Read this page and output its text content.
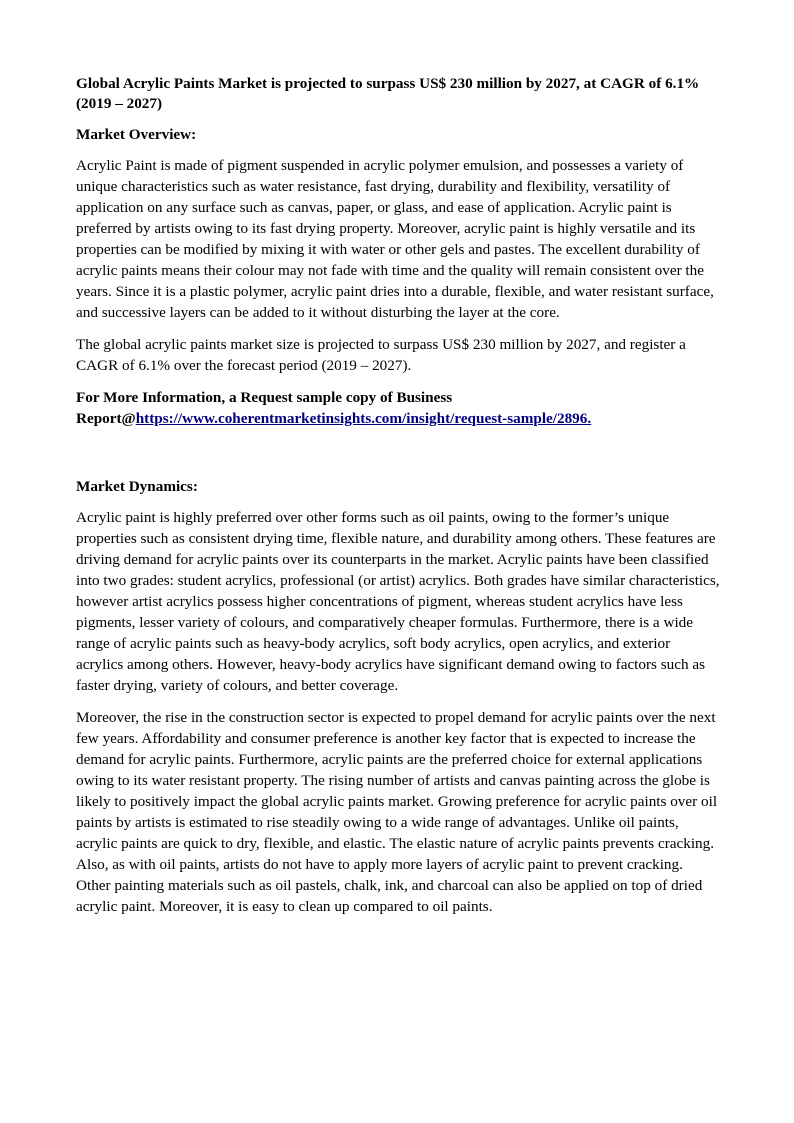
Global Acrylic Paints Market is projected to surpass US$ 230 million by 2027, at CAGR of 6.1% (2019 – 2027)
Market Overview:

Acrylic Paint is made of pigment suspended in acrylic polymer emulsion, and possesses a variety of unique characteristics such as water resistance, fast drying, durability and flexibility, versatility of application on any surface such as canvas, paper, or glass, and ease of application. Acrylic paint is preferred by artists owing to its fast drying property. Moreover, acrylic paint is highly versatile and its properties can be modified by mixing it with water or other gels and pastes. The excellent durability of acrylic paints means their colour may not fade with time and the quality will remain consistent over the years. Since it is a plastic polymer, acrylic paint dries into a durable, flexible, and water resistant surface, and successive layers can be added to it without disturbing the layer at the core.

The global acrylic paints market size is projected to surpass US$ 230 million by 2027, and register a CAGR of 6.1% over the forecast period (2019 – 2027).

For More Information, a Request sample copy of Business Report@https://www.coherentmarketinsights.com/insight/request-sample/2896.

Market Dynamics:

Acrylic paint is highly preferred over other forms such as oil paints, owing to the former’s unique properties such as consistent drying time, flexible nature, and durability among others. These features are driving demand for acrylic paints over its counterparts in the market. Acrylic paints have been classified into two grades: student acrylics, professional (or artist) acrylics. Both grades have similar characteristics, however artist acrylics possess higher concentrations of pigment, whereas student acrylics have less pigments, lesser variety of colours, and comparatively cheaper formulas. Furthermore, there is a wide range of acrylic paints such as heavy-body acrylics, soft body acrylics, open acrylics, and exterior acrylics among others. However, heavy-body acrylics have significant demand owing to factors such as faster drying, variety of colours, and better coverage.

Moreover, the rise in the construction sector is expected to propel demand for acrylic paints over the next few years. Affordability and consumer preference is another key factor that is expected to increase the demand for acrylic paints. Furthermore, acrylic paints are the preferred choice for external applications owing to its water resistant property. The rising number of artists and canvas painting across the globe is likely to positively impact the global acrylic paints market. Growing preference for acrylic paints over oil paints by artists is estimated to rise steadily owing to a wide range of advantages. Unlike oil paints, acrylic paints are quick to dry, flexible, and elastic. The elastic nature of acrylic paints prevents cracking. Also, as with oil paints, artists do not have to apply more layers of acrylic paint to prevent cracking. Other painting materials such as oil pastels, chalk, ink, and charcoal can also be applied on top of dried acrylic paint. Moreover, it is easy to clean up compared to oil paints.
